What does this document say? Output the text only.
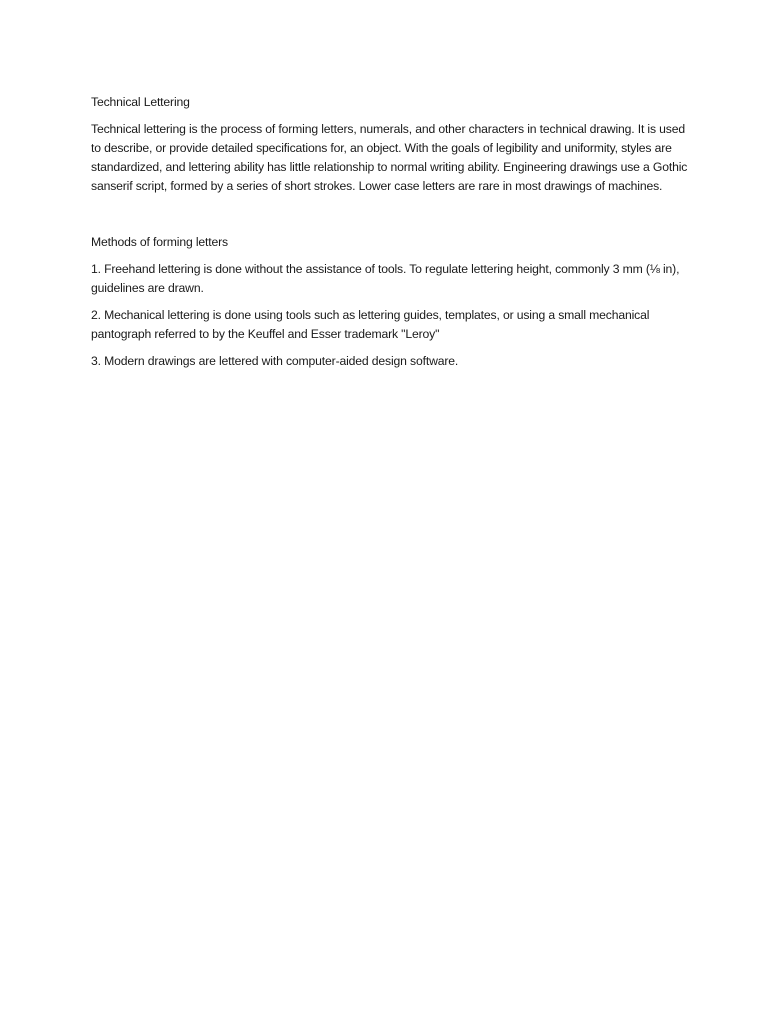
Technical Lettering

Technical lettering is the process of forming letters, numerals, and other characters in technical drawing. It is used to describe, or provide detailed specifications for, an object. With the goals of legibility and uniformity, styles are standardized, and lettering ability has little relationship to normal writing ability. Engineering drawings use a Gothic sanserif script, formed by a series of short strokes. Lower case letters are rare in most drawings of machines.

Methods of forming letters

1. Freehand lettering is done without the assistance of tools. To regulate lettering height, commonly 3 mm (⅛ in), guidelines are drawn.

2. Mechanical lettering is done using tools such as lettering guides, templates, or using a small mechanical pantograph referred to by the Keuffel and Esser trademark "Leroy"

3. Modern drawings are lettered with computer-aided design software.
